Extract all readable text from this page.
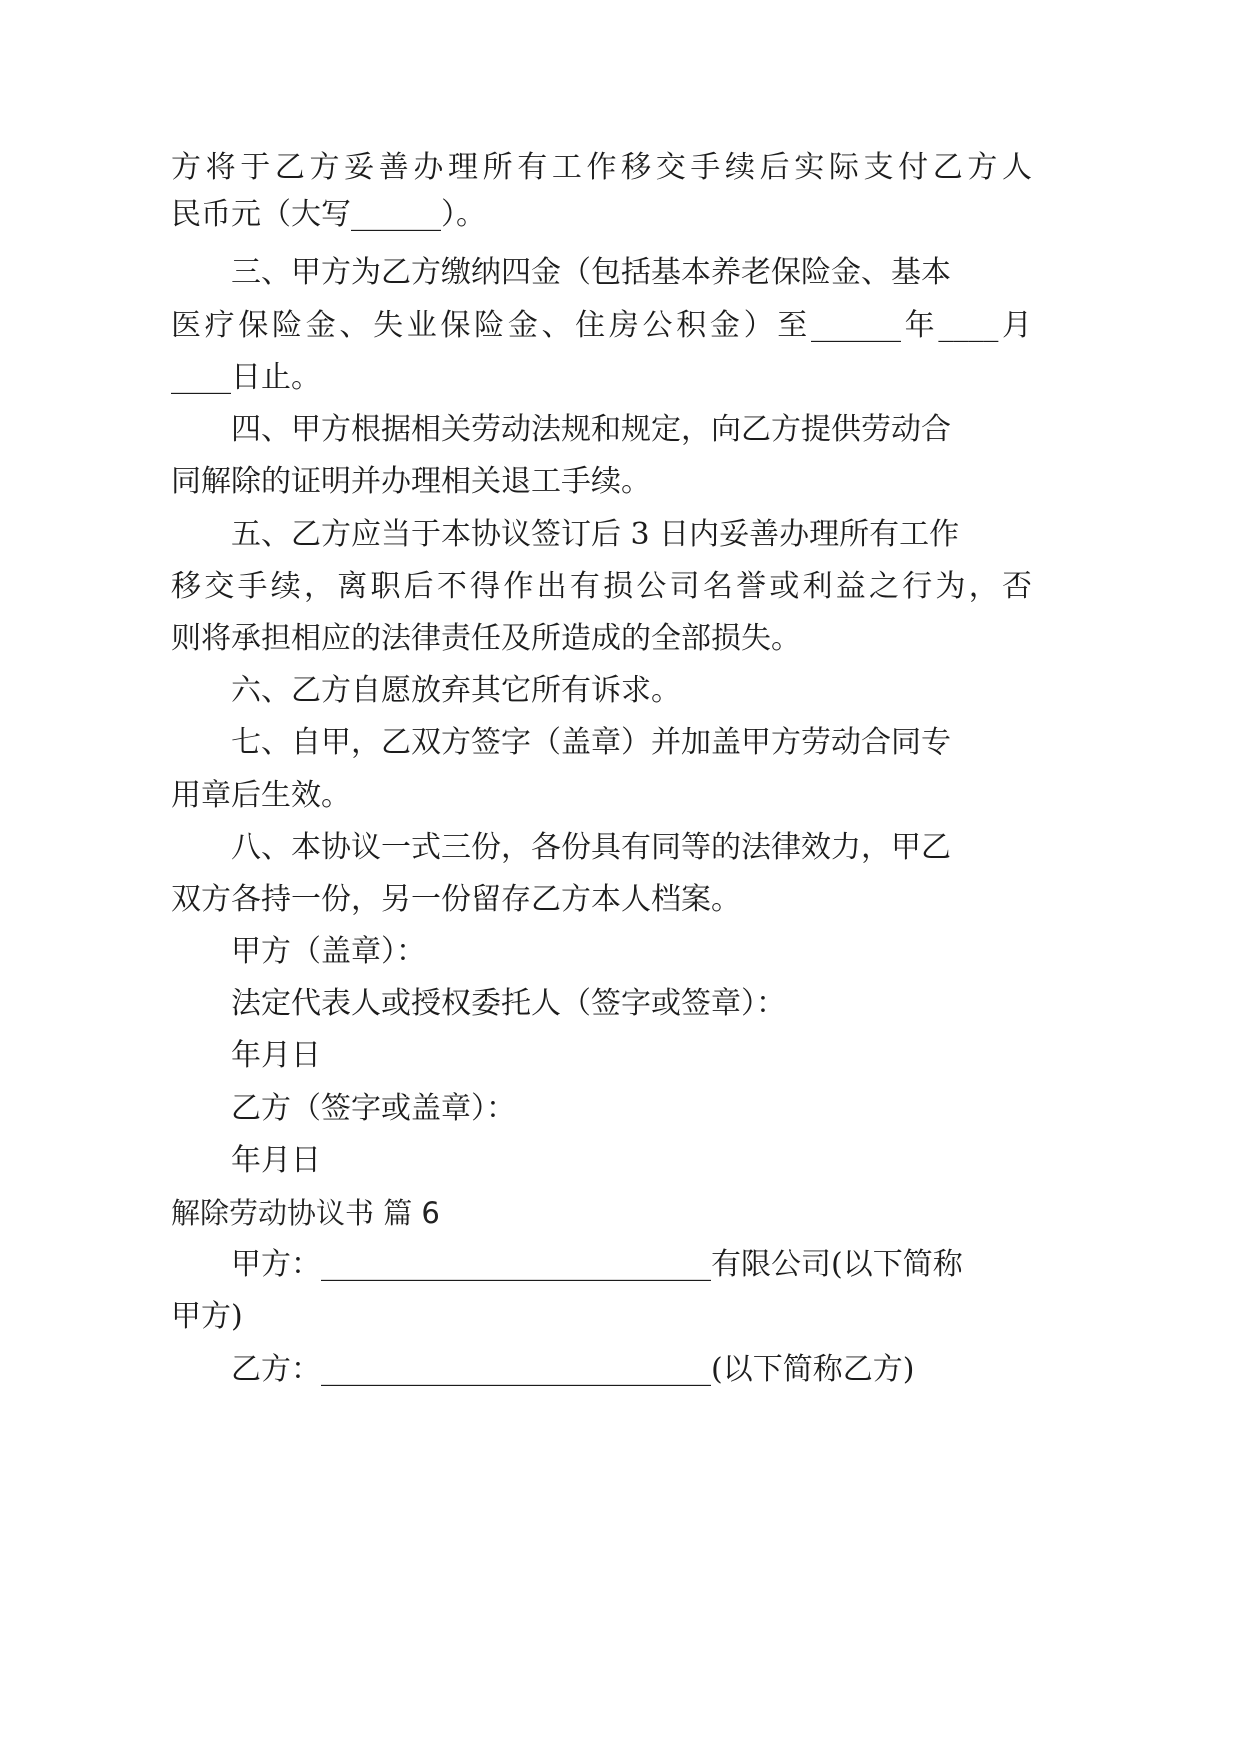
方将于乙方妥善办理所有工作移交手续后实际支付乙方人
民币元（大写______）。
三、甲方为乙方缴纳四金（包括基本养老保险金、基本
医疗保险金、失业保险金、住房公积金）至______年____月
____日止。
四、甲方根据相关劳动法规和规定，向乙方提供劳动合
同解除的证明并办理相关退工手续。
五、乙方应当于本协议签订后 3 日内妥善办理所有工作
移交手续，离职后不得作出有损公司名誉或利益之行为，否
则将承担相应的法律责任及所造成的全部损失。
六、乙方自愿放弃其它所有诉求。
七、自甲，乙双方签字（盖章）并加盖甲方劳动合同专
用章后生效。
八、本协议一式三份，各份具有同等的法律效力，甲乙
双方各持一份，另一份留存乙方本人档案。
甲方（盖章）：
法定代表人或授权委托人（签字或签章）：
年月日
乙方（签字或盖章）：
年月日
解除劳动协议书 篇 6
甲方：__________________________有限公司(以下简称
甲方)
乙方：__________________________(以下简称乙方)
